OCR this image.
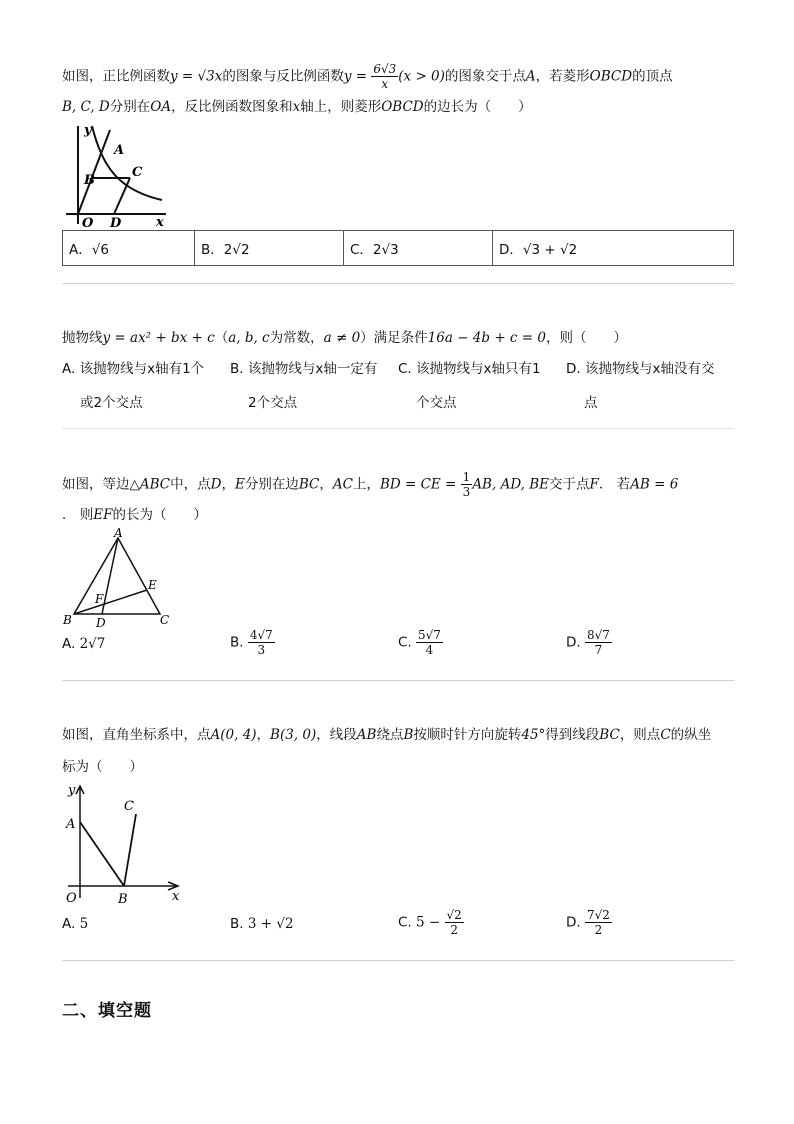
如图，正比例函数y = √3x的图象与反比例函数$y = \frac{6√3}{x} (x > 0)$的图象交于点A，若菱形OBCD的顶点
B, C, D分别在OA，反比例函数图象和x轴上，则菱形OBCD的边长为（　　）
y
A
B
C
O D	x
A．√6	B．2√2	C．2√3	D．√3 + √2
抛物线y = ax² + bx + c（a, b, c为常数，a ≠ 0）满足条件16a − 4b + c = 0，则（　　）
A. 该抛物线与x轴有1个
或2个交点
B. 该抛物线与x轴一定有
2个交点
C. 该抛物线与x轴只有1
个交点
D. 该抛物线与x轴没有交
点
如图，等边△ABC中，点D，E分别在边BC，AC上，BD = CE = $\frac{1}{3}$ AB, AD, BE交于点F． 若AB = 6
． 则EF的长为（　　）
A
B	C
D
E
F
A. 2√7	B. $\frac{4√7}{3}$	C. $\frac{5√7}{4}$	D. $\frac{8√7}{7}$
如图，直角坐标系中，点A(0, 4)，B(3, 0)，线段AB绕点B按顺时针方向旋转45°得到线段BC，则点C的纵坐
标为（　　）
y
A
C
O	B	x
A. 5	B. 3 + √2	C. $5 - \frac{√2}{2}$	D. $\frac{7√2}{2}$
二、填空题
